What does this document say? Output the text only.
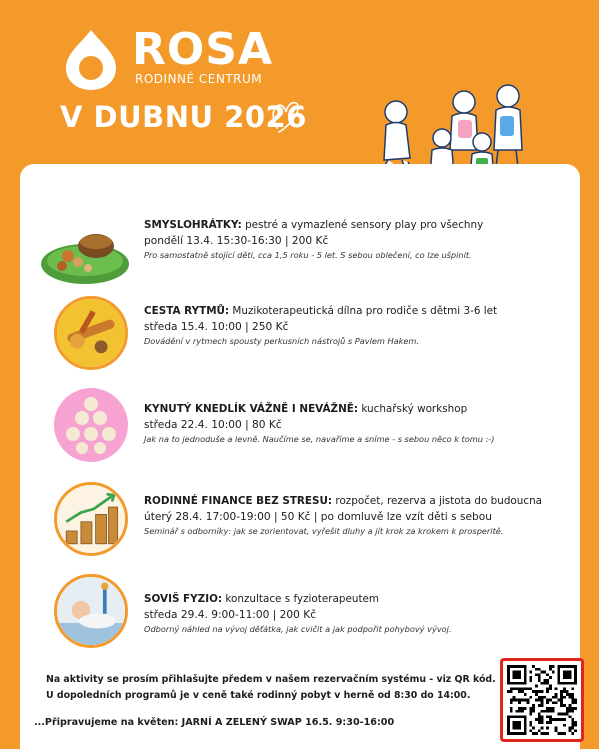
ROSA
RODINNÉ CENTRUM
V DUBNU 2026
SMYSLOHRÁTKY: pestré a vymazlené sensory play pro všechny
pondělí 13.4. 15:30-16:30 | 200 Kč
Pro samostatně stojící děti, cca 1,5 roku - 5 let. S sebou oblečení, co lze ušpinit.
CESTA RYTMŮ: Muzikoterapeutická dílna pro rodiče s dětmi 3-6 let
středa 15.4. 10:00 | 250 Kč
Dovádění v rytmech spousty perkusních nástrojů s Pavlem Hakem.
KYNUTÝ KNEDLÍK VÁŽNĚ I NEVÁŽNĚ: kuchařský workshop
středa 22.4. 10:00 | 80 Kč
Jak na to jednoduše a levně. Naučíme se, navaříme a sníme - s sebou něco k tomu :-)
RODINNÉ FINANCE BEZ STRESU: rozpočet, rezerva a jistota do budoucna
úterý 28.4. 17:00-19:00 | 50 Kč | po domluvě lze vzít děti s sebou
Seminář s odborníky: jak se zorientovat, vyřešit dluhy a jít krok za krokem k prosperitě.
SOVIŠ FYZIO: konzultace s fyzioterapeutem
středa 29.4. 9:00-11:00 | 200 Kč
Odborný náhled na vývoj děťátka, jak cvičit a jak podpořit pohybový vývoj.
Na aktivity se prosím přihlašujte předem v našem rezervačním systému - viz QR kód.
U dopoledních programů je v ceně také rodinný pobyt v herně od 8:30 do 14:00.
...Připravujeme na květen: JARNÍ A ZELENÝ SWAP 16.5. 9:30-16:00
